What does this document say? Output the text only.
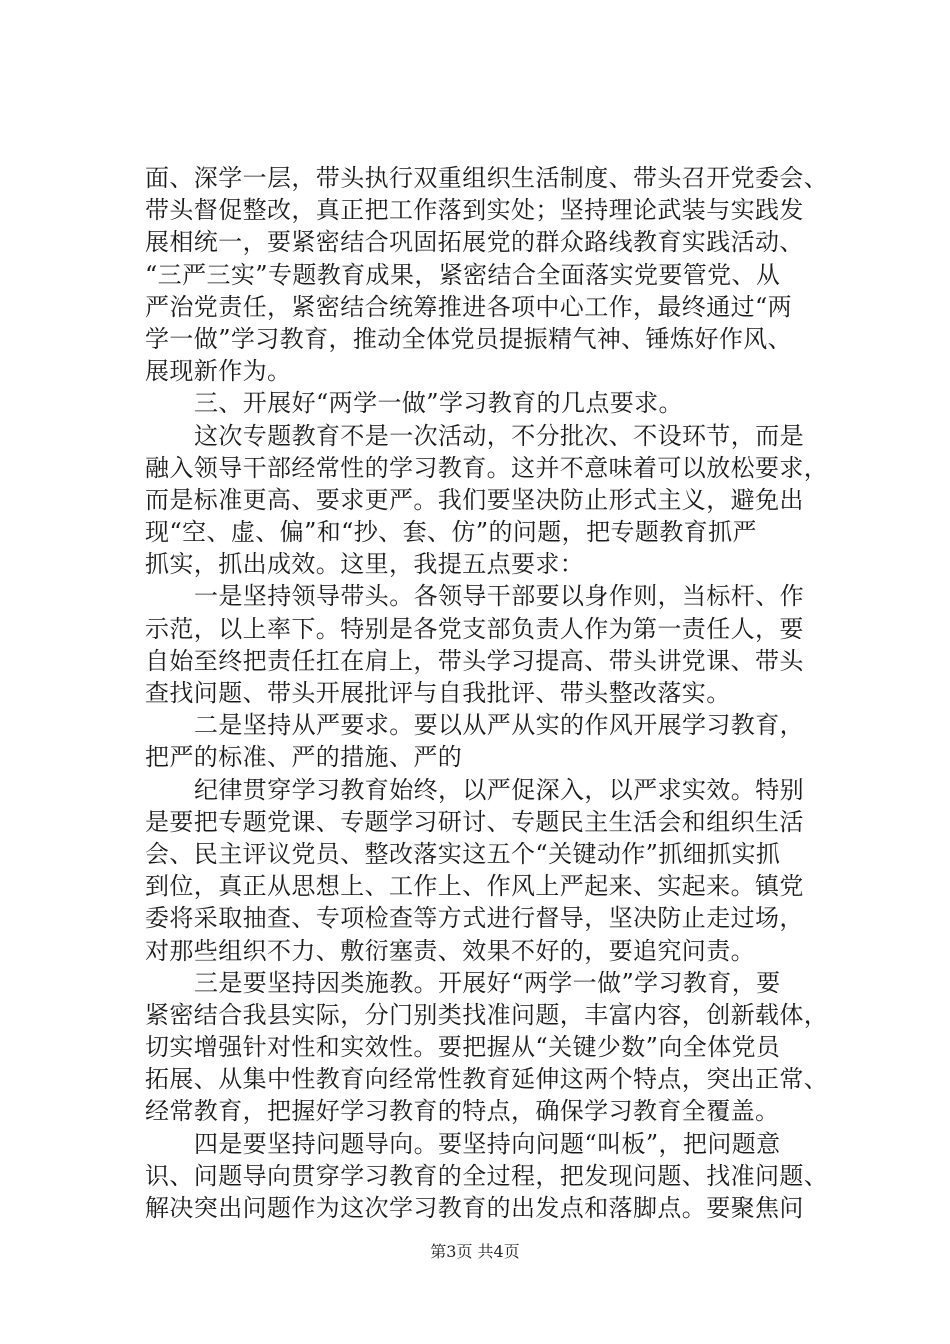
面、深学一层，带头执行双重组织生活制度、带头召开党委会、
带头督促整改，真正把工作落到实处；坚持理论武装与实践发
展相统一，要紧密结合巩固拓展党的群众路线教育实践活动、
“三严三实”专题教育成果，紧密结合全面落实党要管党、从
严治党责任，紧密结合统筹推进各项中心工作，最终通过“两
学一做”学习教育，推动全体党员提振精气神、锤炼好作风、
展现新作为。
三、开展好“两学一做”学习教育的几点要求。
这次专题教育不是一次活动，不分批次、不设环节，而是
融入领导干部经常性的学习教育。这并不意味着可以放松要求，
而是标准更高、要求更严。我们要坚决防止形式主义，避免出
现“空、虚、偏”和“抄、套、仿”的问题，把专题教育抓严
抓实，抓出成效。这里，我提五点要求：
一是坚持领导带头。各领导干部要以身作则，当标杆、作
示范，以上率下。特别是各党支部负责人作为第一责任人，要
自始至终把责任扛在肩上，带头学习提高、带头讲党课、带头
查找问题、带头开展批评与自我批评、带头整改落实。
二是坚持从严要求。要以从严从实的作风开展学习教育，
把严的标准、严的措施、严的
纪律贯穿学习教育始终，以严促深入，以严求实效。特别
是要把专题党课、专题学习研讨、专题民主生活会和组织生活
会、民主评议党员、整改落实这五个“关键动作”抓细抓实抓
到位，真正从思想上、工作上、作风上严起来、实起来。镇党
委将采取抽查、专项检查等方式进行督导，坚决防止走过场，
对那些组织不力、敷衍塞责、效果不好的，要追究问责。
三是要坚持因类施教。开展好“两学一做”学习教育，要
紧密结合我县实际，分门别类找准问题，丰富内容，创新载体，
切实增强针对性和实效性。要把握从“关键少数”向全体党员
拓展、从集中性教育向经常性教育延伸这两个特点，突出正常、
经常教育，把握好学习教育的特点，确保学习教育全覆盖。
四是要坚持问题导向。要坚持向问题“叫板”，把问题意
识、问题导向贯穿学习教育的全过程，把发现问题、找准问题、
解决突出问题作为这次学习教育的出发点和落脚点。要聚焦问
第3页 共4页
